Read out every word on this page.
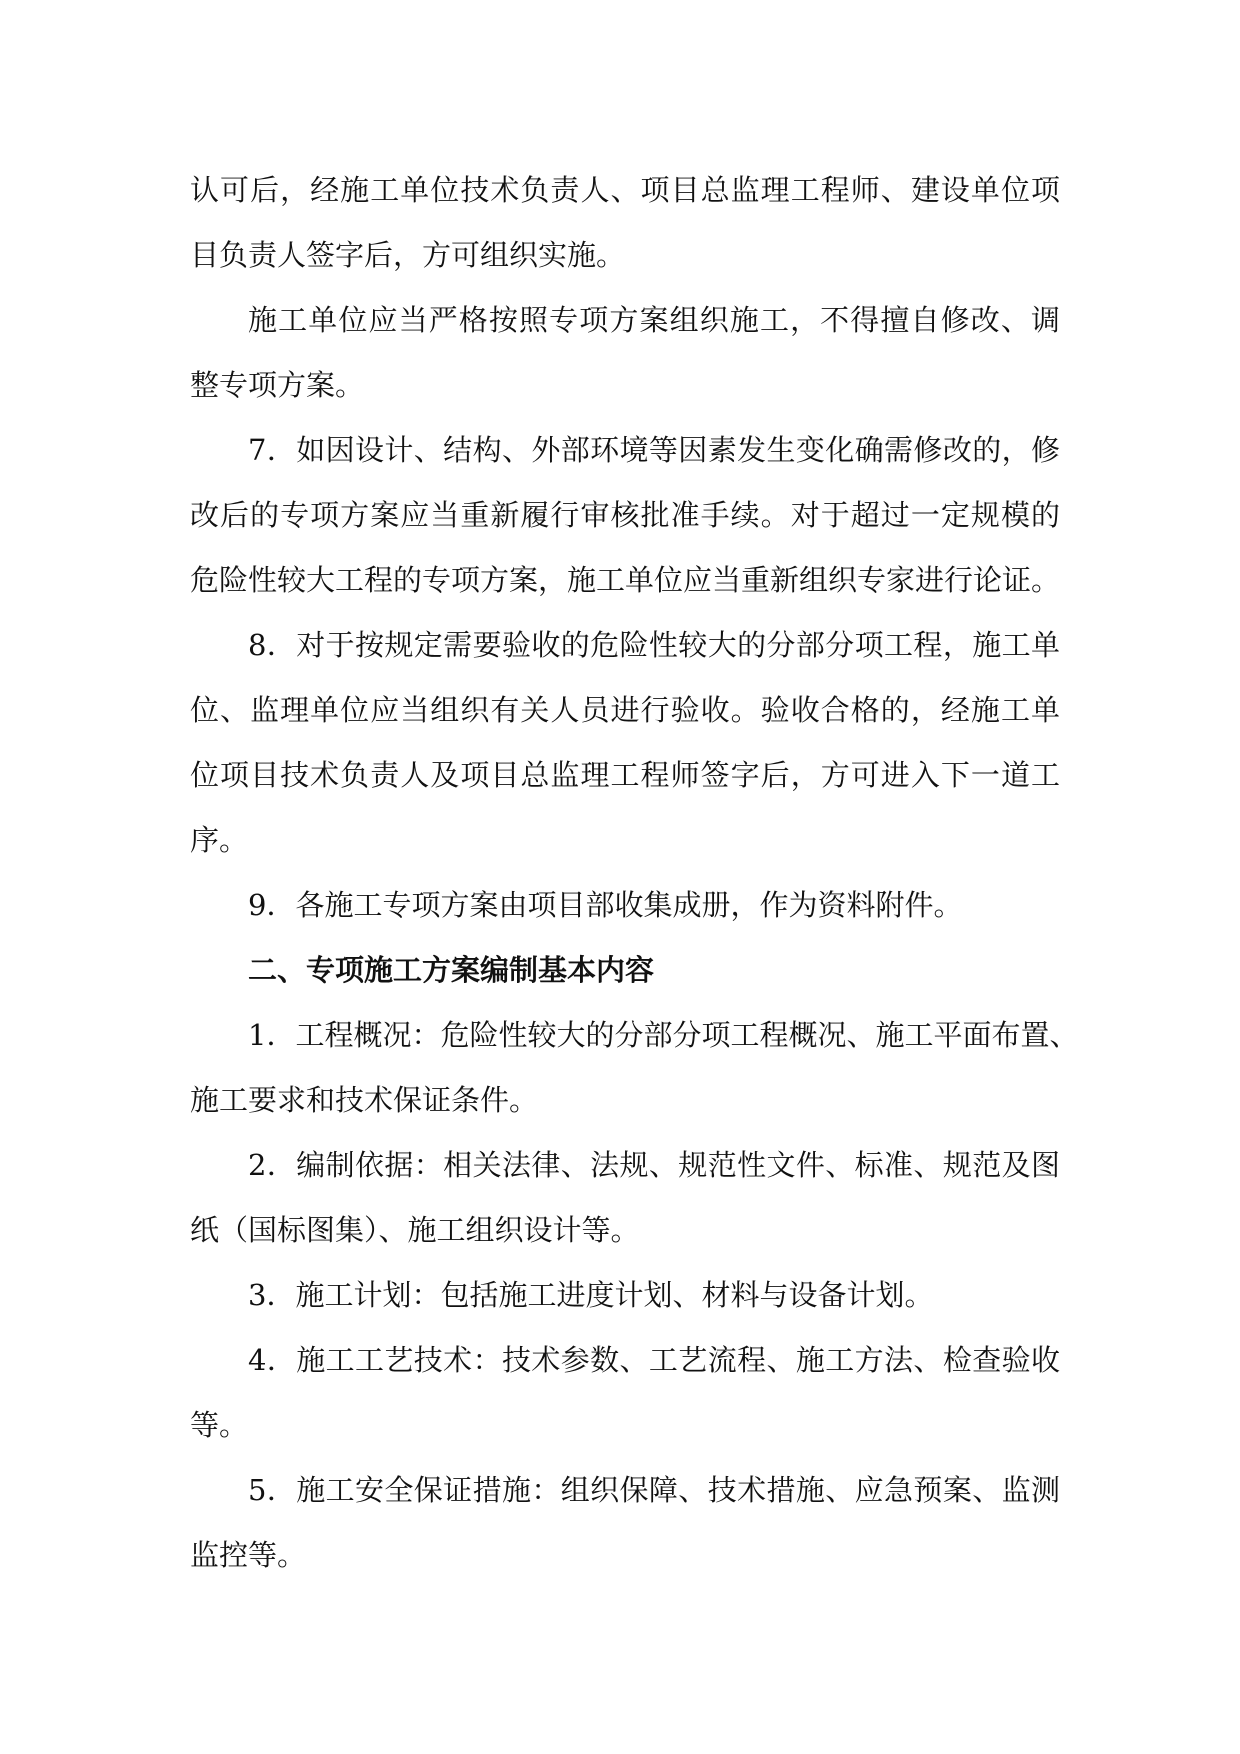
认可后，经施工单位技术负责人、项目总监理工程师、建设单位项
目负责人签字后，方可组织实施。
施工单位应当严格按照专项方案组织施工，不得擅自修改、调
整专项方案。
7．如因设计、结构、外部环境等因素发生变化确需修改的，修
改后的专项方案应当重新履行审核批准手续。对于超过一定规模的
危险性较大工程的专项方案，施工单位应当重新组织专家进行论证。
8．对于按规定需要验收的危险性较大的分部分项工程，施工单
位、监理单位应当组织有关人员进行验收。验收合格的，经施工单
位项目技术负责人及项目总监理工程师签字后，方可进入下一道工
序。
9．各施工专项方案由项目部收集成册，作为资料附件。
二、专项施工方案编制基本内容
1．工程概况：危险性较大的分部分项工程概况、施工平面布置、
施工要求和技术保证条件。
2．编制依据：相关法律、法规、规范性文件、标准、规范及图
纸（国标图集）、施工组织设计等。
3．施工计划：包括施工进度计划、材料与设备计划。
4．施工工艺技术：技术参数、工艺流程、施工方法、检查验收
等。
5．施工安全保证措施：组织保障、技术措施、应急预案、监测
监控等。
